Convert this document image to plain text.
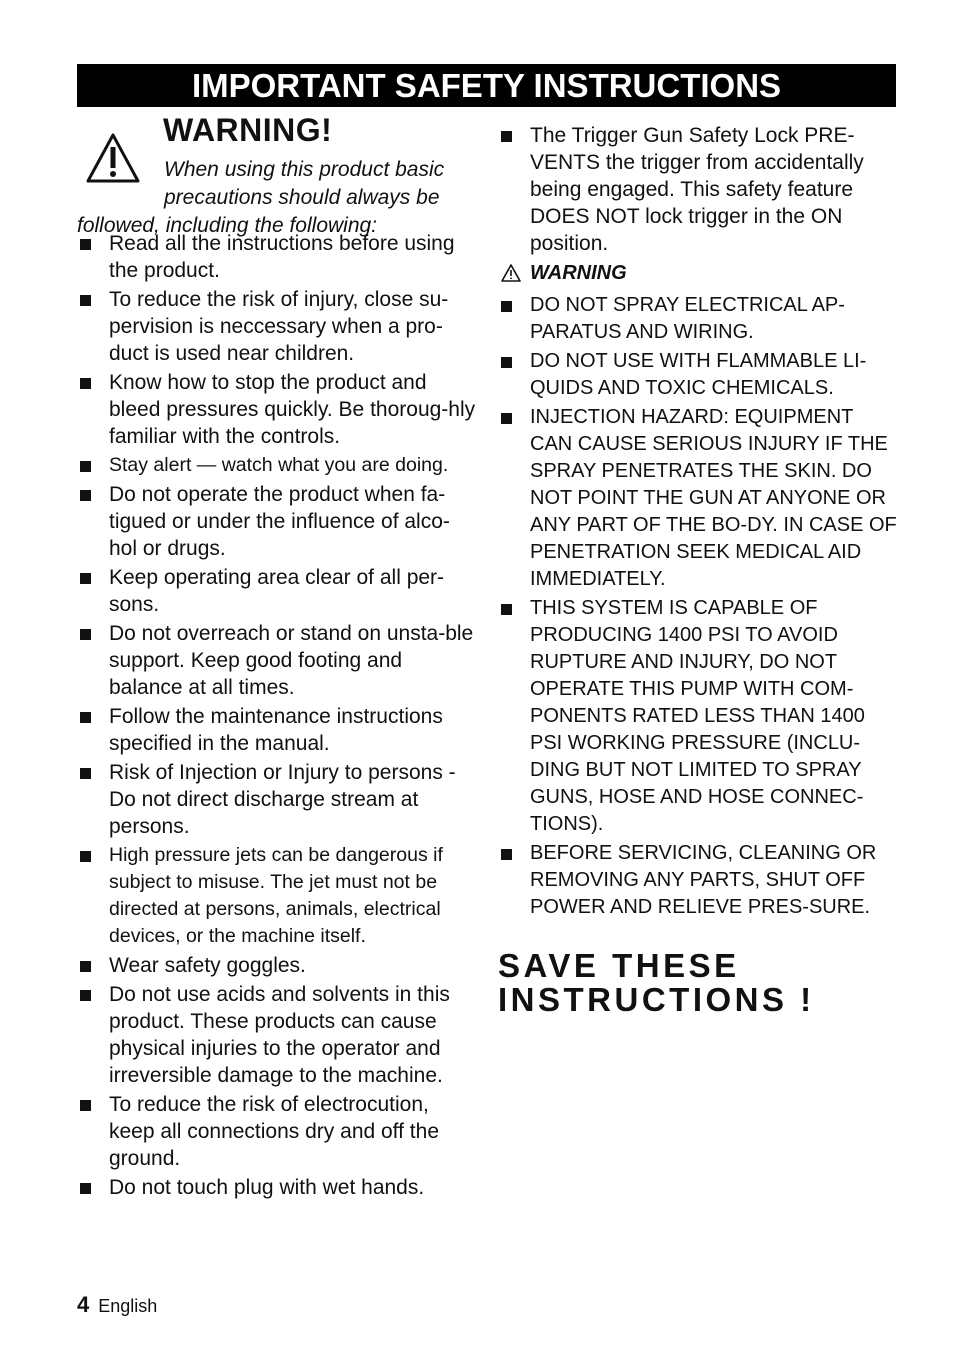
IMPORTANT SAFETY INSTRUCTIONS
WARNING!
When using this product basic
precautions should always be
followed, including the following:
Read all the instructions before using the product.
To reduce the risk of injury, close su-pervision is neccessary when a pro-duct is used near children.
Know how to stop the product and bleed pressures quickly. Be thoroug-hly familiar with the controls.
Stay alert — watch what you are doing.
Do not operate the product when fa-tigued or under the influence of alco-hol or drugs.
Keep operating area clear of all per-sons.
Do not overreach or stand on unsta-ble support. Keep good footing and balance at all times.
Follow the maintenance instructions specified in the manual.
Risk of Injection or Injury to persons - Do not direct discharge stream at persons.
High pressure jets can be dangerous if subject to misuse. The jet must not be directed at persons, animals, electrical devices, or the machine itself.
Wear safety goggles.
Do not use acids and solvents in this product. These products can cause physical injuries to the operator and irreversible damage to the machine.
To reduce the risk of electrocution, keep all connections dry and off the ground.
Do not touch plug with wet hands.
The Trigger Gun Safety Lock PRE-VENTS the trigger from accidentally being engaged. This safety feature DOES NOT lock trigger in the ON position.
WARNING
DO NOT SPRAY ELECTRICAL AP-PARATUS AND WIRING.
DO NOT USE WITH FLAMMABLE LI-QUIDS AND TOXIC CHEMICALS.
INJECTION HAZARD: EQUIPMENT CAN CAUSE SERIOUS INJURY IF THE SPRAY PENETRATES THE SKIN. DO NOT POINT THE GUN AT ANYONE OR ANY PART OF THE BO-DY. IN CASE OF PENETRATION SEEK MEDICAL AID IMMEDIATELY.
THIS SYSTEM IS CAPABLE OF PRODUCING 1400 PSI TO AVOID RUPTURE AND INJURY, DO NOT OPERATE THIS PUMP WITH COM-PONENTS RATED LESS THAN 1400 PSI WORKING PRESSURE (INCLU-DING BUT NOT LIMITED TO SPRAY GUNS, HOSE AND HOSE CONNEC-TIONS).
BEFORE SERVICING, CLEANING OR REMOVING ANY PARTS, SHUT OFF POWER AND RELIEVE PRES-SURE.
SAVE THESE
INSTRUCTIONS !
4 English
